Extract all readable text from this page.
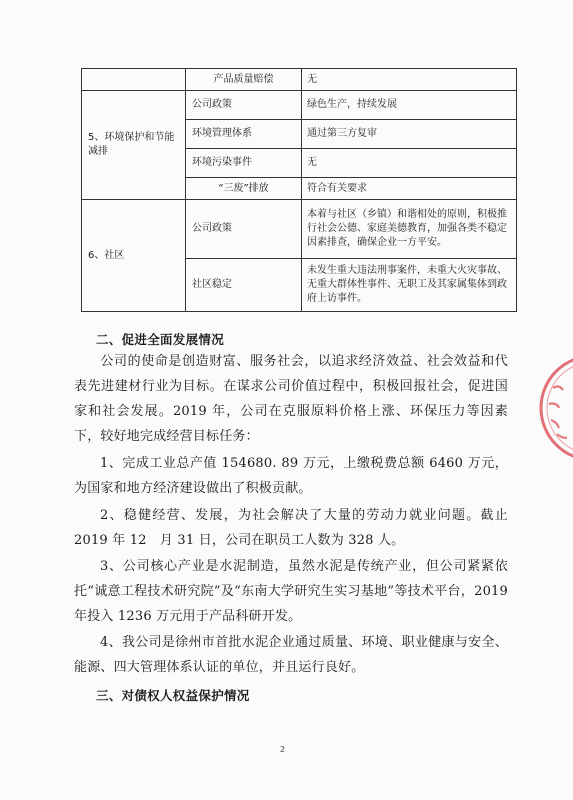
	产品质量赔偿	无
5、环境保护和节能减排	公司政策	绿色生产，持续发展
	环境管理体系	通过第三方复审
	环境污染事件	无
	“三废”排放	符合有关要求
6、社区	公司政策	本着与社区（乡镇）和谐相处的原则，积极推行社会公德、家庭美德教育，加强各类不稳定因素排查，确保企业一方平安。
	社区稳定	未发生重大违法刑事案件，未重大火灾事故、无重大群体性事件、无职工及其家属集体到政府上访事件。
二、促进全面发展情况
公司的使命是创造财富、服务社会，以追求经济效益、社会效益和代表先进建材行业为目标。在谋求公司价值过程中，积极回报社会，促进国家和社会发展。2019 年，公司在克服原料价格上涨、环保压力等因素下，较好地完成经营目标任务：
1、完成工业总产值 154680. 89 万元，上缴税费总额 6460 万元，为国家和地方经济建设做出了积极贡献。
2、稳健经营、发展，为社会解决了大量的劳动力就业问题。截止 2019 年 12　月 31 日，公司在职员工人数为 328 人。
3、公司核心产业是水泥制造，虽然水泥是传统产业，但公司紧紧依托“诚意工程技术研究院”及“东南大学研究生实习基地”等技术平台，2019 年投入 1236 万元用于产品科研开发。
4、我公司是徐州市首批水泥企业通过质量、环境、职业健康与安全、能源、四大管理体系认证的单位，并且运行良好。
三、对债权人权益保护情况
2
